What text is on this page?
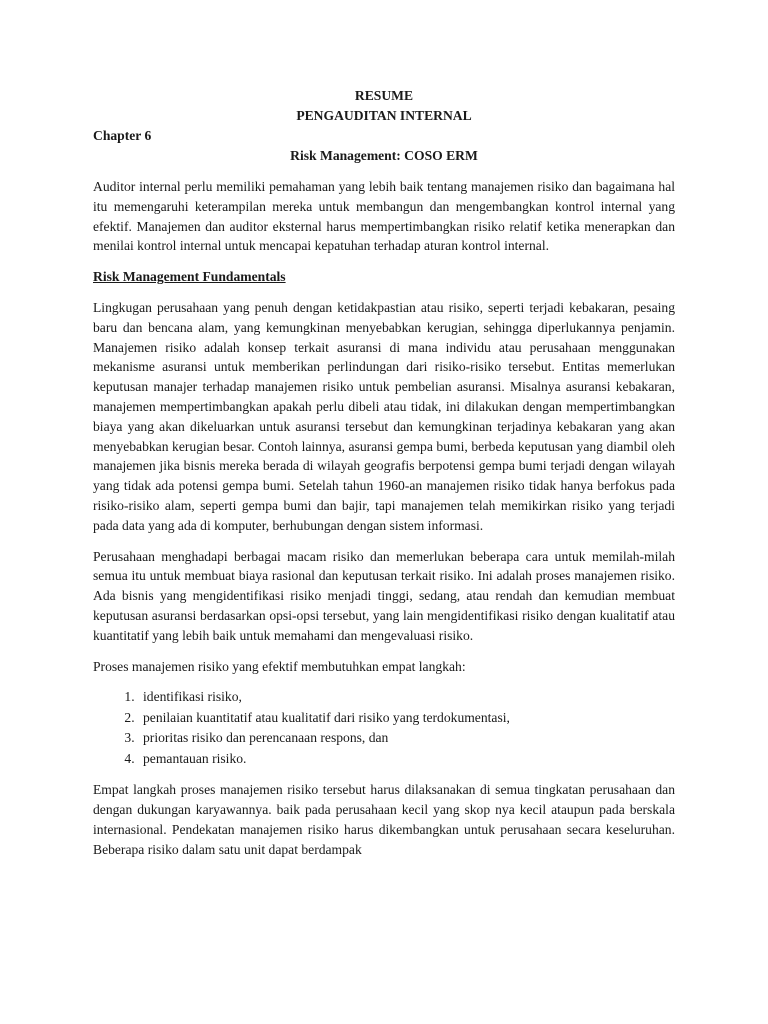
RESUME

PENGAUDITAN INTERNAL

Chapter 6

Risk Management: COSO ERM

Auditor internal perlu memiliki pemahaman yang lebih baik tentang manajemen risiko dan bagaimana hal itu memengaruhi keterampilan mereka untuk membangun dan mengembangkan kontrol internal yang efektif. Manajemen dan auditor eksternal harus mempertimbangkan risiko relatif ketika menerapkan dan menilai kontrol internal untuk mencapai kepatuhan terhadap aturan kontrol internal.

Risk Management Fundamentals

Lingkugan perusahaan yang penuh dengan ketidakpastian atau risiko, seperti terjadi kebakaran, pesaing baru dan bencana alam, yang kemungkinan menyebabkan kerugian, sehingga diperlukannya penjamin. Manajemen risiko adalah konsep terkait asuransi di mana individu atau perusahaan menggunakan mekanisme asuransi untuk memberikan perlindungan dari risiko-risiko tersebut. Entitas memerlukan keputusan manajer terhadap manajemen risiko untuk pembelian asuransi. Misalnya asuransi kebakaran, manajemen mempertimbangkan apakah perlu dibeli atau tidak, ini dilakukan dengan mempertimbangkan biaya yang akan dikeluarkan untuk asuransi tersebut dan kemungkinan terjadinya kebakaran yang akan menyebabkan kerugian besar. Contoh lainnya, asuransi gempa bumi, berbeda keputusan yang diambil oleh manajemen jika bisnis mereka berada di wilayah geografis berpotensi gempa bumi terjadi dengan wilayah yang tidak ada potensi gempa bumi. Setelah tahun 1960-an manajemen risiko tidak hanya berfokus pada risiko-risiko alam, seperti gempa bumi dan bajir, tapi manajemen telah memikirkan risiko yang terjadi pada data yang ada di komputer, berhubungan dengan sistem informasi.

Perusahaan menghadapi berbagai macam risiko dan memerlukan beberapa cara untuk memilah-milah semua itu untuk membuat biaya rasional dan keputusan terkait risiko. Ini adalah proses manajemen risiko. Ada bisnis yang mengidentifikasi risiko menjadi tinggi, sedang, atau rendah dan kemudian membuat keputusan asuransi berdasarkan opsi-opsi tersebut, yang lain mengidentifikasi risiko dengan kualitatif atau kuantitatif yang lebih baik untuk memahami dan mengevaluasi risiko.

Proses manajemen risiko yang efektif membutuhkan empat langkah:

1. identifikasi risiko,
2. penilaian kuantitatif atau kualitatif dari risiko yang terdokumentasi,
3. prioritas risiko dan perencanaan respons, dan
4. pemantauan risiko.

Empat langkah proses manajemen risiko tersebut harus dilaksanakan di semua tingkatan perusahaan dan dengan dukungan karyawannya. baik pada perusahaan kecil yang skop nya kecil ataupun pada berskala internasional. Pendekatan manajemen risiko harus dikembangkan untuk perusahaan secara keseluruhan. Beberapa risiko dalam satu unit dapat berdampak
